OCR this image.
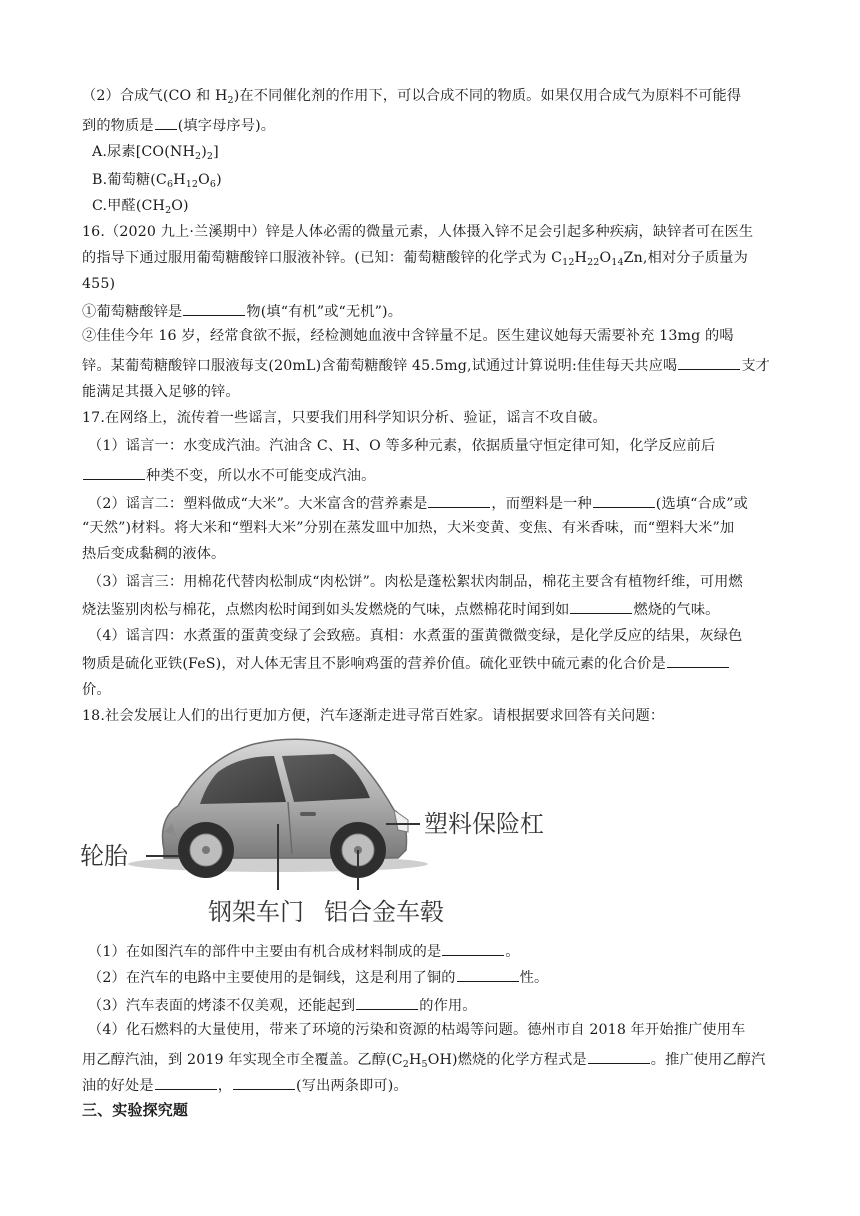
（2）合成气(CO 和 $H_2$)在不同催化剂的作用下，可以合成不同的物质。如果仅用合成气为原料不可能得
到的物质是 (填字母序号)。
A.尿素$[CO(NH_2)_2]$
B.葡萄糖$(C_6H_{12}O_6)$
C.甲醛$(CH_2O)$
16.（2020 九上·兰溪期中）锌是人体必需的微量元素，人体摄入锌不足会引起多种疾病，缺锌者可在医生
的指导下通过服用葡萄糖酸锌口服液补锌。(已知：葡萄糖酸锌的化学式为 $C_{12}H_{22}O_{14}Zn$,相对分子质量为
455)
①葡萄糖酸锌是	物(填“有机”或“无机”)。
②佳佳今年 16 岁，经常食欲不振，经检测她血液中含锌量不足。医生建议她每天需要补充 13mg 的喝
锌。某葡萄糖酸锌口服液每支(20mL)含葡萄糖酸锌 45.5mg,试通过计算说明:佳佳每天共应喝	支才
能满足其摄入足够的锌。
17.在网络上，流传着一些谣言，只要我们用科学知识分析、验证，谣言不攻自破。
（1）谣言一：水变成汽油。汽油含 C、H、O 等多种元素，依据质量守恒定律可知，化学反应前后
种类不变，所以水不可能变成汽油。
（2）谣言二：塑料做成“大米”。大米富含的营养素是	，而塑料是一种	(选填“合成”或
“天然”)材料。将大米和“塑料大米”分别在蒸发皿中加热，大米变黄、变焦、有米香味，而“塑料大米”加
热后变成黏稠的液体。
（3）谣言三：用棉花代替肉松制成“肉松饼”。肉松是蓬松絮状肉制品，棉花主要含有植物纤维，可用燃
烧法鉴别肉松与棉花，点燃肉松时闻到如头发燃烧的气味，点燃棉花时闻到如	燃烧的气味。
（4）谣言四：水煮蛋的蛋黄变绿了会致癌。真相：水煮蛋的蛋黄微微变绿，是化学反应的结果，灰绿色
物质是硫化亚铁(FeS)，对人体无害且不影响鸡蛋的营养价值。硫化亚铁中硫元素的化合价是
价。
18.社会发展让人们的出行更加方便，汽车逐渐走进寻常百姓家。请根据要求回答有关问题：
塑料保险杠
轮胎
钢架车门 铝合金车毂
（1）在如图汽车的部件中主要由有机合成材料制成的是	。
（2）在汽车的电路中主要使用的是铜线，这是利用了铜的	性。
（3）汽车表面的烤漆不仅美观，还能起到	的作用。
（4）化石燃料的大量使用，带来了环境的污染和资源的枯竭等问题。德州市自 2018 年开始推广使用车
用乙醇汽油，到 2019 年实现全市全覆盖。乙醇$(C_2H_5OH)$燃烧的化学方程式是	。推广使用乙醇汽
油的好处是	，	(写出两条即可)。
三、实验探究题
